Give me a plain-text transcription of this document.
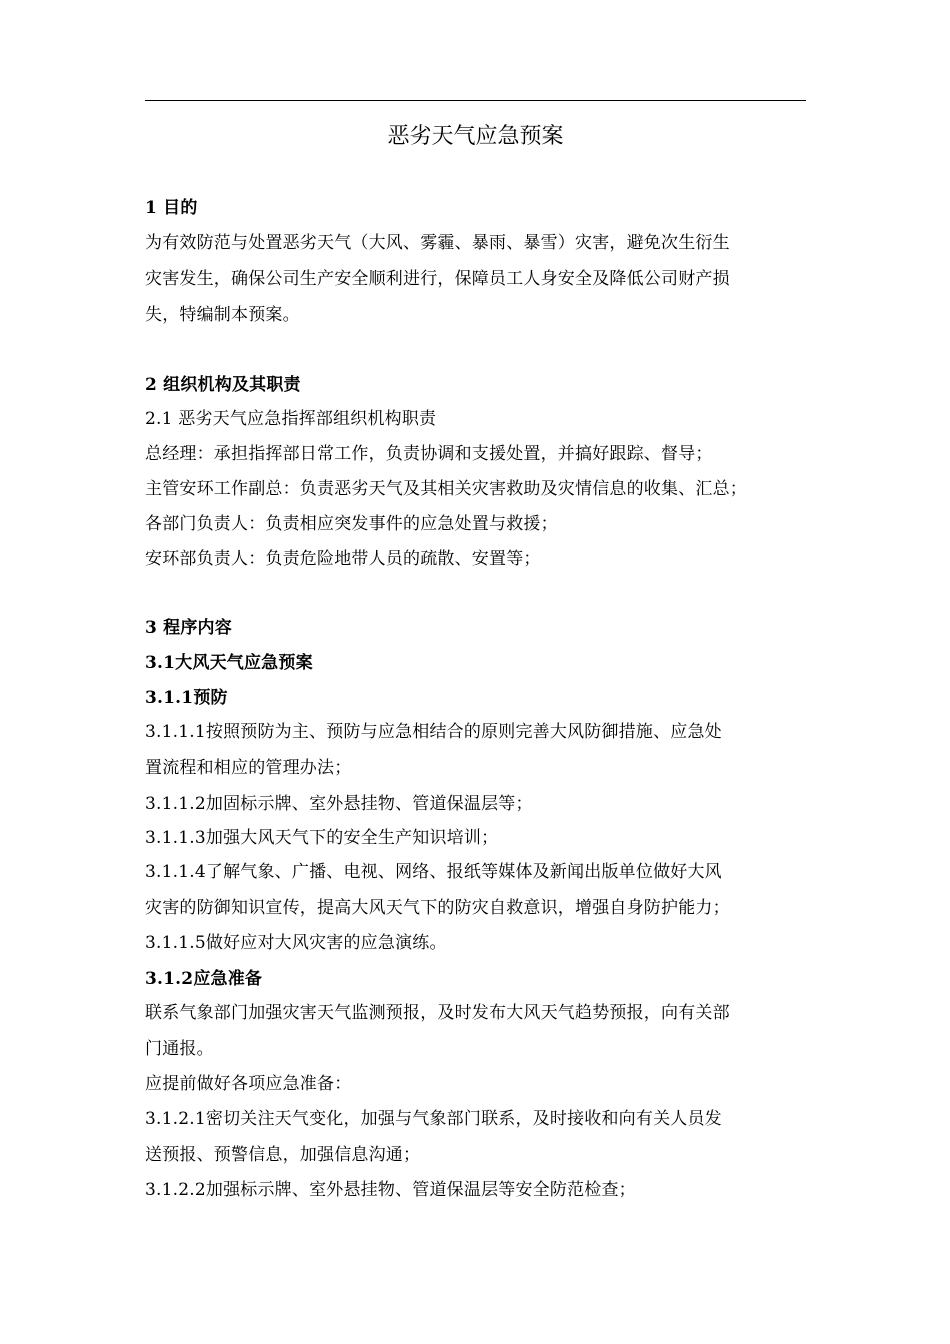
恶劣天气应急预案
1 目的
为有效防范与处置恶劣天气（大风、雾霾、暴雨、暴雪）灾害，避免次生衍生
灾害发生，确保公司生产安全顺利进行，保障员工人身安全及降低公司财产损
失，特编制本预案。
2 组织机构及其职责
2.1 恶劣天气应急指挥部组织机构职责
总经理：承担指挥部日常工作，负责协调和支援处置，并搞好跟踪、督导；
主管安环工作副总：负责恶劣天气及其相关灾害救助及灾情信息的收集、汇总；
各部门负责人：负责相应突发事件的应急处置与救援；
安环部负责人：负责危险地带人员的疏散、安置等；
3 程序内容
3.1大风天气应急预案
3.1.1预防
3.1.1.1按照预防为主、预防与应急相结合的原则完善大风防御措施、应急处
置流程和相应的管理办法；
3.1.1.2加固标示牌、室外悬挂物、管道保温层等；
3.1.1.3加强大风天气下的安全生产知识培训；
3.1.1.4了解气象、广播、电视、网络、报纸等媒体及新闻出版单位做好大风
灾害的防御知识宣传，提高大风天气下的防灾自救意识，增强自身防护能力；
3.1.1.5做好应对大风灾害的应急演练。
3.1.2应急准备
联系气象部门加强灾害天气监测预报，及时发布大风天气趋势预报，向有关部
门通报。
应提前做好各项应急准备：
3.1.2.1密切关注天气变化，加强与气象部门联系，及时接收和向有关人员发
送预报、预警信息，加强信息沟通；
3.1.2.2加强标示牌、室外悬挂物、管道保温层等安全防范检查；
